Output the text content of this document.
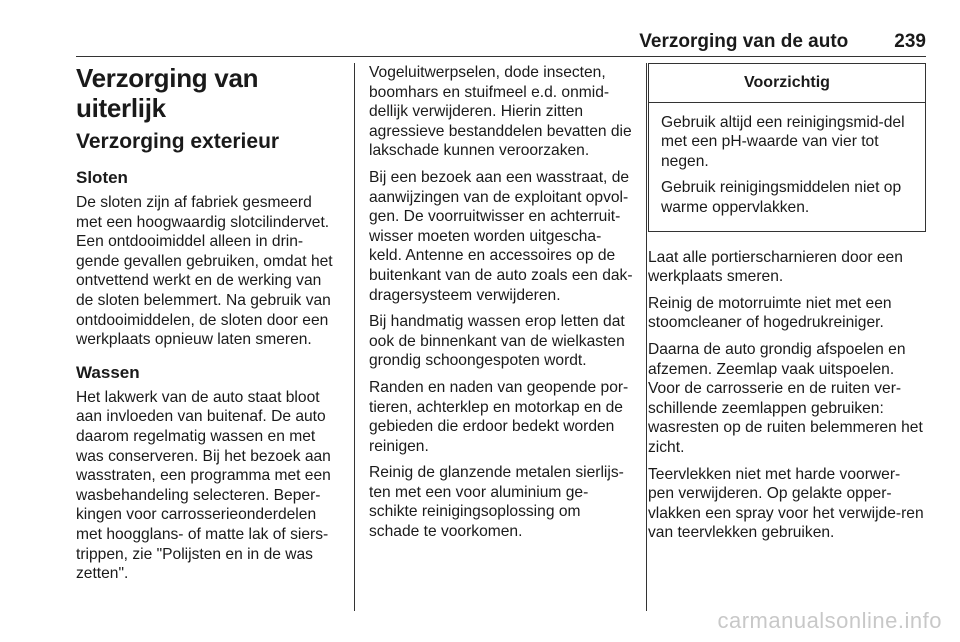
Verzorging van de auto 239
Verzorging van uiterlijk
Verzorging exterieur
Sloten

De sloten zijn af fabriek gesmeerd met een hoogwaardig slotcilindervet. Een ontdooimiddel alleen in drin-gende gevallen gebruiken, omdat het ontvettend werkt en de werking van de sloten belemmert. Na gebruik van ontdooimiddelen, de sloten door een werkplaats opnieuw laten smeren.

Wassen

Het lakwerk van de auto staat bloot aan invloeden van buitenaf. De auto daarom regelmatig wassen en met was conserveren. Bij het bezoek aan wasstraten, een programma met een wasbehandeling selecteren. Beper-kingen voor carrosserieonderdelen met hoogglans- of matte lak of siers-trippen, zie "Polijsten en in de was zetten".

Vogeluitwerpselen, dode insecten, boomhars en stuifmeel e.d. onmid-dellijk verwijderen. Hierin zitten agressieve bestanddelen bevatten die lakschade kunnen veroorzaken.

Bij een bezoek aan een wasstraat, de aanwijzingen van de exploitant opvol-gen. De voorruitwisser en achterruit-wisser moeten worden uitgescha-keld. Antenne en accessoires op de buitenkant van de auto zoals een dak-dragersysteem verwijderen.

Bij handmatig wassen erop letten dat ook de binnenkant van de wielkasten grondig schoongespoten wordt.

Randen en naden van geopende por-tieren, achterklep en motorkap en de gebieden die erdoor bedekt worden reinigen.

Reinig de glanzende metalen sierlijs-ten met een voor aluminium ge-schikte reinigingsoplossing om schade te voorkomen.

Voorzichtig

Gebruik altijd een reinigingsmid-del met een pH-waarde van vier tot negen.

Gebruik reinigingsmiddelen niet op warme oppervlakken.

Laat alle portierscharnieren door een werkplaats smeren.

Reinig de motorruimte niet met een stoomcleaner of hogedrukreiniger.

Daarna de auto grondig afspoelen en afzemen. Zeemlap vaak uitspoelen. Voor de carrosserie en de ruiten ver-schillende zeemlappen gebruiken: wasresten op de ruiten belemmeren het zicht.

Teervlekken niet met harde voorwer-pen verwijderen. Op gelakte opper-vlakken een spray voor het verwijde-ren van teervlekken gebruiken.

carmanualsonline.info
